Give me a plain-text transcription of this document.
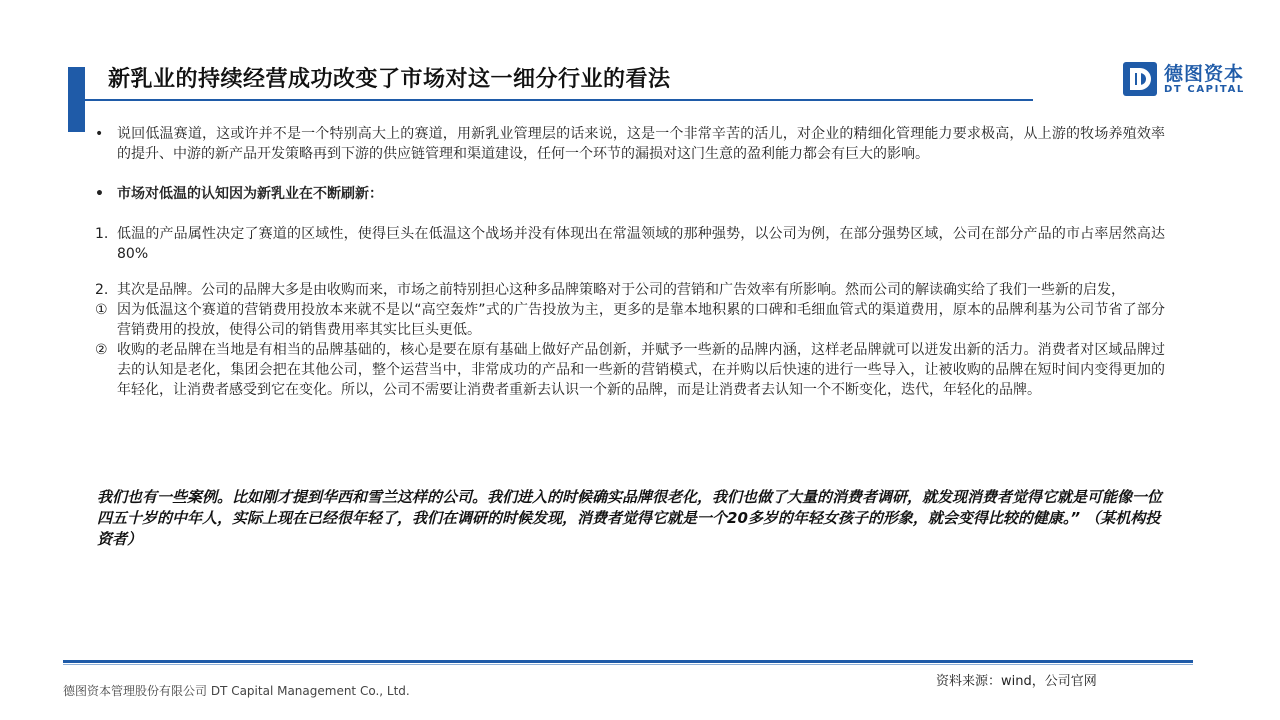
新乳业的持续经营成功改变了市场对这一细分行业的看法	德图资本
DT CAPITAL
• 说回低温赛道，这或许并不是一个特别高大上的赛道，用新乳业管理层的话来说，这是一个非常辛苦的活儿，对企业的精细化管理能力要求极高，从上游的牧场养殖效率的提升、中游的新产品开发策略再到下游的供应链管理和渠道建设，任何一个环节的漏损对这门生意的盈利能力都会有巨大的影响。
• 市场对低温的认知因为新乳业在不断刷新：
1. 低温的产品属性决定了赛道的区域性，使得巨头在低温这个战场并没有体现出在常温领域的那种强势，以公司为例，在部分强势区域，公司在部分产品的市占率居然高达80%
2. 其次是品牌。公司的品牌大多是由收购而来，市场之前特别担心这种多品牌策略对于公司的营销和广告效率有所影响。然而公司的解读确实给了我们一些新的启发，
① 因为低温这个赛道的营销费用投放本来就不是以“高空轰炸”式的广告投放为主，更多的是靠本地积累的口碑和毛细血管式的渠道费用，原本的品牌利基为公司节省了部分营销费用的投放，使得公司的销售费用率其实比巨头更低。
② 收购的老品牌在当地是有相当的品牌基础的，核心是要在原有基础上做好产品创新，并赋予一些新的品牌内涵，这样老品牌就可以迸发出新的活力。消费者对区域品牌过去的认知是老化，集团会把在其他公司，整个运营当中，非常成功的产品和一些新的营销模式，在并购以后快速的进行一些导入，让被收购的品牌在短时间内变得更加的年轻化，让消费者感受到它在变化。所以，公司不需要让消费者重新去认识一个新的品牌，而是让消费者去认知一个不断变化，迭代，年轻化的品牌。

我们也有一些案例。比如刚才提到华西和雪兰这样的公司。我们进入的时候确实品牌很老化，我们也做了大量的消费者调研，就发现消费者觉得它就是可能像一位四五十岁的中年人，实际上现在已经很年轻了，我们在调研的时候发现，消费者觉得它就是一个20多岁的年轻女孩子的形象，就会变得比较的健康。” （某机构投资者）

德图资本管理股份有限公司 DT Capital Management Co., Ltd.
资料来源：wind，公司官网
